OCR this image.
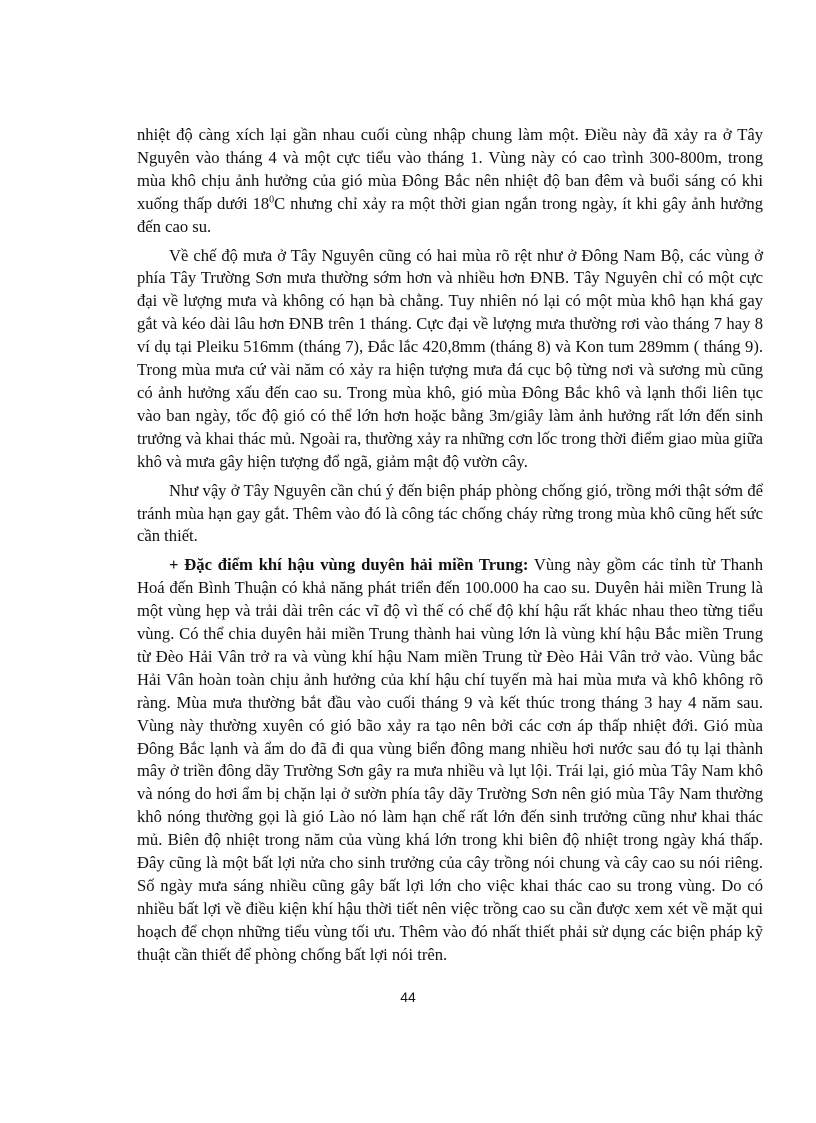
nhiệt độ càng xích lại gần nhau cuối cùng nhập chung làm một. Điều này đã xảy ra ở Tây Nguyên vào tháng 4 và một cực tiểu vào tháng 1. Vùng này có cao trình 300-800m, trong mùa khô chịu ảnh hưởng của gió mùa Đông Bắc nên nhiệt độ ban đêm và buổi sáng có khi xuống thấp dưới $18^0C$ nhưng chỉ xảy ra một thời gian ngắn trong ngày, ít khi gây ảnh hưởng đến cao su.

Về chế độ mưa ở Tây Nguyên cũng có hai mùa rõ rệt như ở Đông Nam Bộ, các vùng ở phía Tây Trường Sơn mưa thường sớm hơn và nhiều hơn ĐNB. Tây Nguyên chỉ có một cực đại về lượng mưa và không có hạn bà chằng. Tuy nhiên nó lại có một mùa khô hạn khá gay gắt và kéo dài lâu hơn ĐNB trên 1 tháng. Cực đại về lượng mưa thường rơi vào tháng 7 hay 8 ví dụ tại Pleiku 516mm (tháng 7), Đắc lắc 420,8mm (tháng 8) và Kon tum 289mm ( tháng 9). Trong mùa mưa cứ vài năm có xảy ra hiện tượng mưa đá cục bộ từng nơi và sương mù cũng có ảnh hưởng xấu đến cao su. Trong mùa khô, gió mùa Đông Bắc khô và lạnh thổi liên tục vào ban ngày, tốc độ gió có thể lớn hơn hoặc bằng 3m/giây làm ảnh hưởng rất lớn đến sinh trưởng và khai thác mủ. Ngoài ra, thường xảy ra những cơn lốc trong thời điểm giao mùa giữa khô và mưa gây hiện tượng đổ ngã, giảm mật độ vườn cây.

Như vậy ở Tây Nguyên cần chú ý đến biện pháp phòng chống gió, trồng mới thật sớm để tránh mùa hạn gay gắt. Thêm vào đó là công tác chống cháy rừng trong mùa khô cũng hết sức cần thiết.

+ Đặc điểm khí hậu vùng duyên hải miền Trung: Vùng này gồm các tỉnh từ Thanh Hoá đến Bình Thuận có khả năng phát triển đến 100.000 ha cao su. Duyên hải miền Trung là một vùng hẹp và trải dài trên các vĩ độ vì thế có chế độ khí hậu rất khác nhau theo từng tiểu vùng. Có thể chia duyên hải miền Trung thành hai vùng lớn là vùng khí hậu Bắc miền Trung từ Đèo Hải Vân trở ra và vùng khí hậu Nam miền Trung từ Đèo Hải Vân trở vào. Vùng bắc Hải Vân hoàn toàn chịu ảnh hưởng của khí hậu chí tuyến mà hai mùa mưa và khô không rõ ràng. Mùa mưa thường bắt đầu vào cuối tháng 9 và kết thúc trong tháng 3 hay 4 năm sau. Vùng này thường xuyên có gió bão xảy ra tạo nên bởi các cơn áp thấp nhiệt đới. Gió mùa Đông Bắc lạnh và ẩm do đã đi qua vùng biển đông mang nhiều hơi nước sau đó tụ lại thành mây ở triền đông dãy Trường Sơn gây ra mưa nhiều và lụt lội. Trái lại, gió mùa Tây Nam khô và nóng do hơi ẩm bị chặn lại ở sườn phía tây dãy Trường Sơn nên gió mùa Tây Nam thường khô nóng thường gọi là gió Lào nó làm hạn chế rất lớn đến sinh trưởng cũng như khai thác mủ. Biên độ nhiệt trong năm của vùng khá lớn trong khi biên độ nhiệt trong ngày khá thấp. Đây cũng là một bất lợi nửa cho sinh trưởng của cây trồng nói chung và cây cao su nói riêng. Số ngày mưa sáng nhiều cũng gây bất lợi lớn cho việc khai thác cao su trong vùng. Do có nhiều bất lợi về điều kiện khí hậu thời tiết nên việc trồng cao su cần được xem xét về mặt qui hoạch để chọn những tiểu vùng tối ưu. Thêm vào đó nhất thiết phải sử dụng các biện pháp kỹ thuật cần thiết để phòng chống bất lợi nói trên.

44
